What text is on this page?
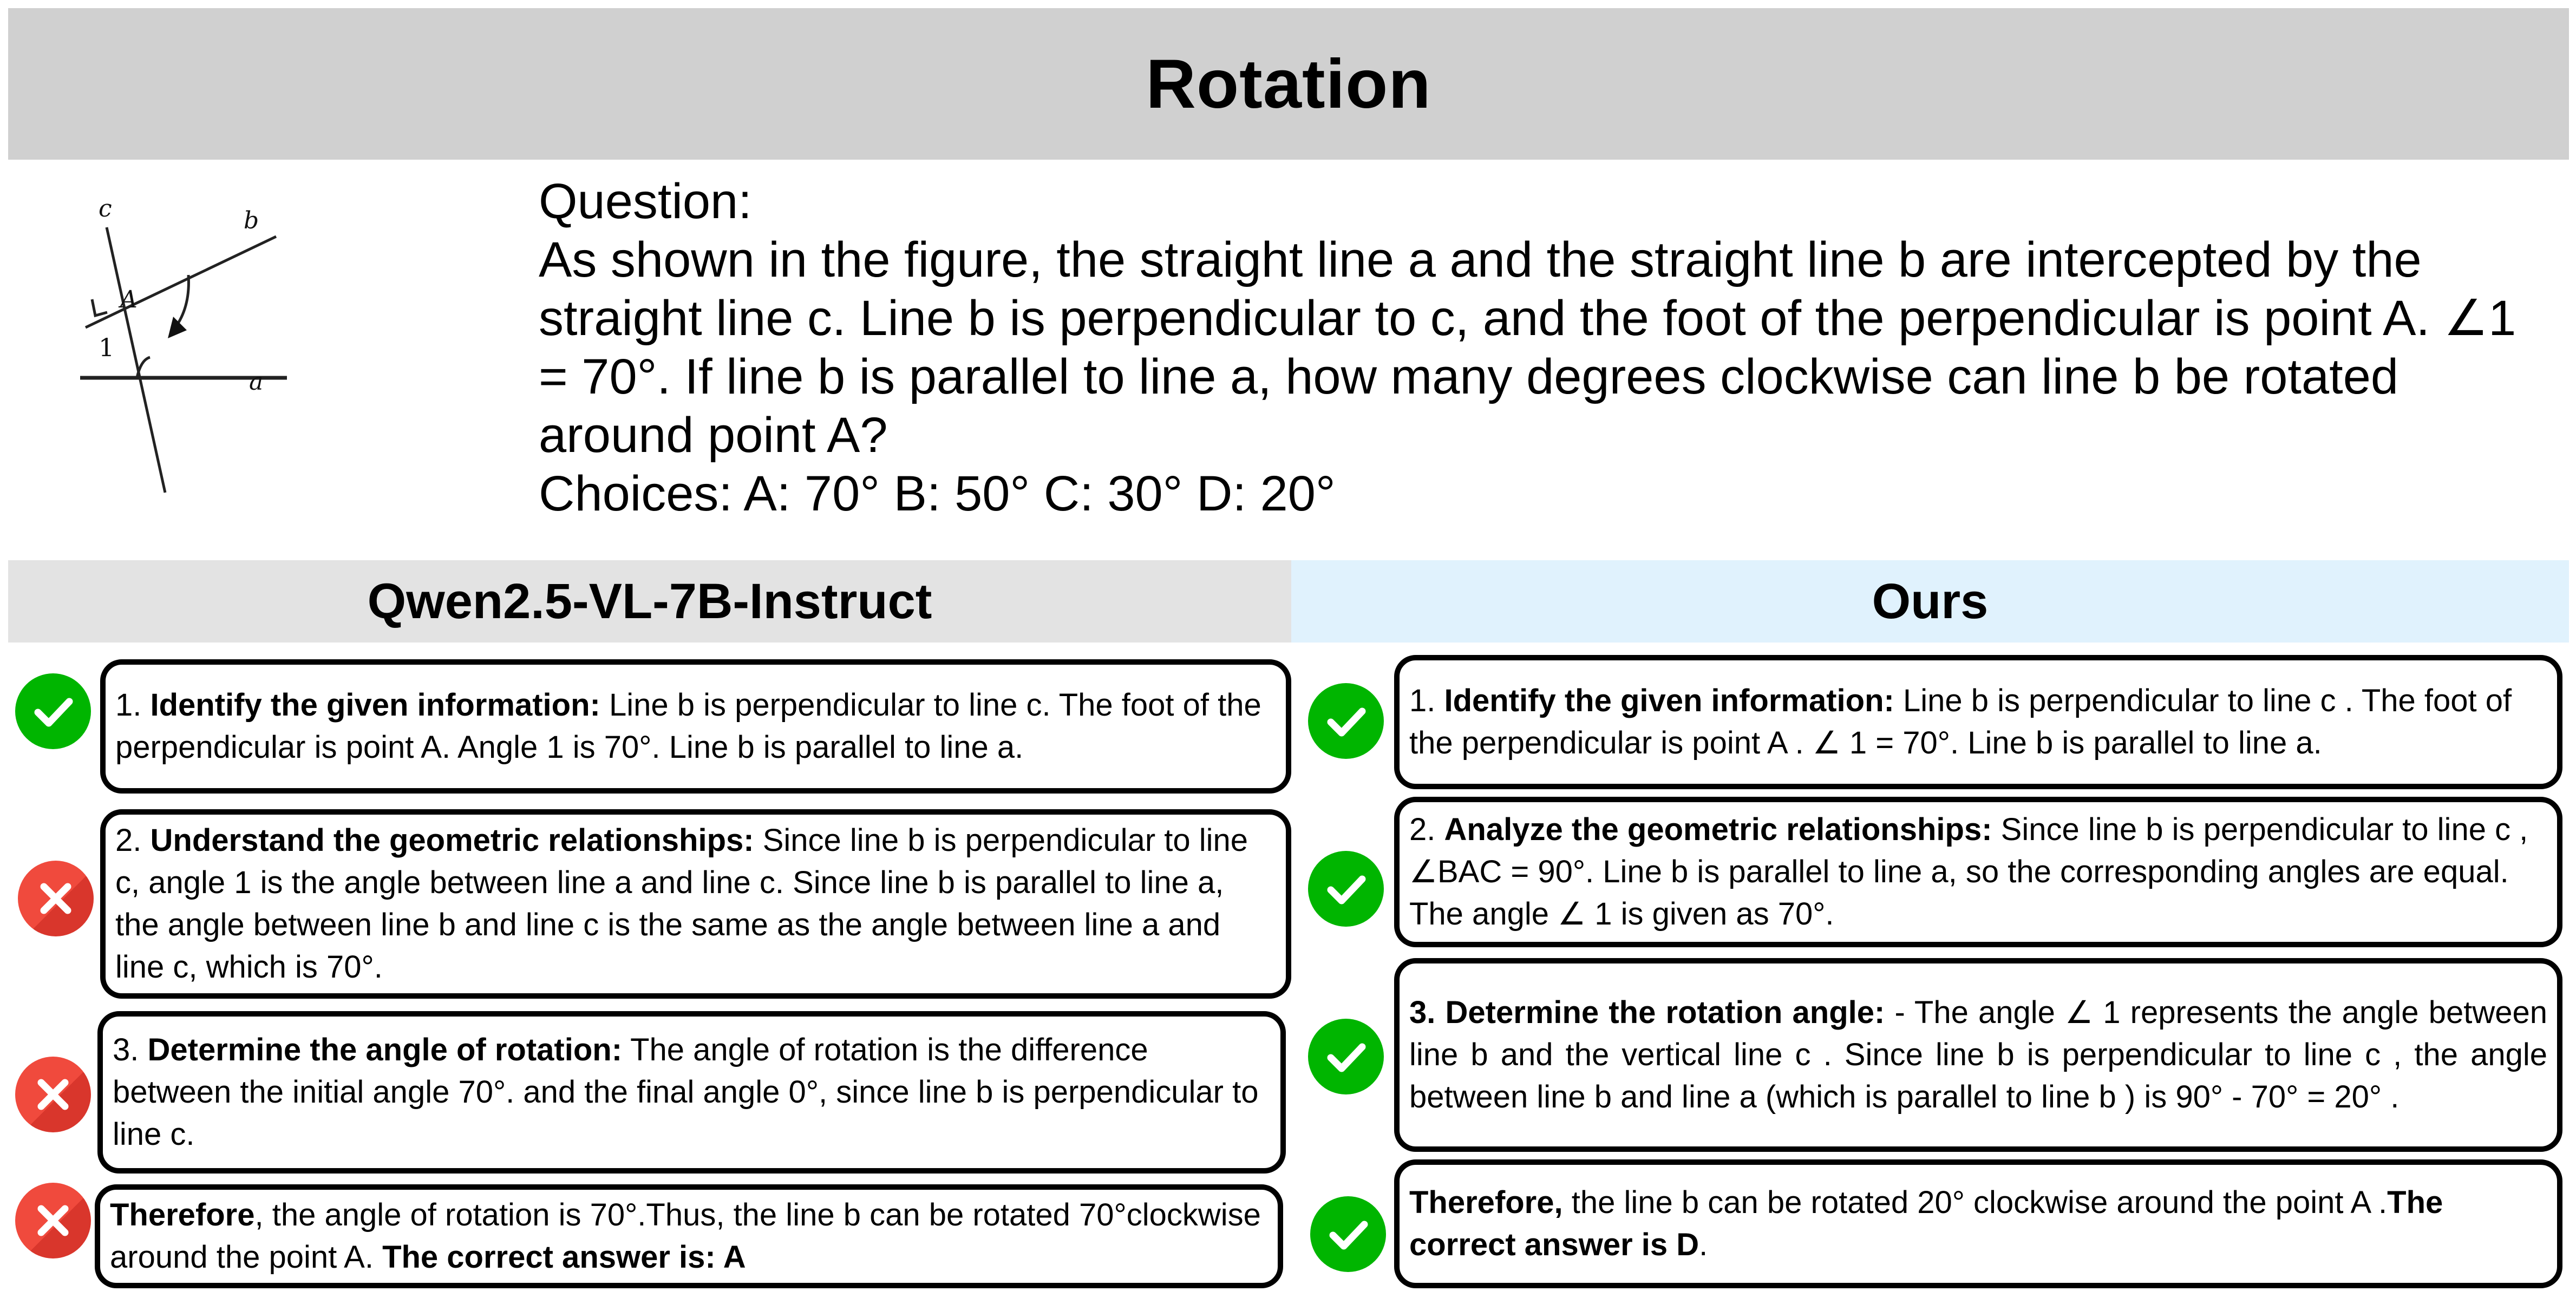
Rotation
c	b
a
A
1
Question:
As shown in the figure, the straight line a and the straight line b are intercepted by the straight line c. Line b is perpendicular to c, and the foot of the perpendicular is point A. ∠1 = 70°. If line b is parallel to line a, how many degrees clockwise can line b be rotated around point A?
Choices: A: 70° B: 50° C: 30° D: 20°
Qwen2.5-VL-7B-Instruct	Ours
1. Identify the given information: Line b is perpendicular to line c. The foot of the perpendicular is point A. Angle 1 is 70°. Line b is parallel to line a.
2. Understand the geometric relationships: Since line b is perpendicular to line c, angle 1 is the angle between line a and line c. Since line b is parallel to line a, the angle between line b and line c is the same as the angle between line a and line c, which is 70°.
3. Determine the angle of rotation: The angle of rotation is the difference between the initial angle 70°. and the final angle 0°, since line b is perpendicular to line c.
Therefore, the angle of rotation is 70°.Thus, the line b can be rotated 70°clockwise around the point A. The correct answer is: A
1. Identify the given information: Line b is perpendicular to line c . The foot of the perpendicular is point A . ∠ 1 = 70°. Line b is parallel to line a.
2. Analyze the geometric relationships: Since line b is perpendicular to line c , ∠BAC = 90°. Line b is parallel to line a, so the corresponding angles are equal. The angle ∠ 1 is given as 70°.
3. Determine the rotation angle: - The angle ∠ 1 represents the angle between line b and the vertical line c . Since line b is perpendicular to line c , the angle between line b and line a (which is parallel to line b ) is 90° - 70° = 20° .
Therefore, the line b can be rotated 20° clockwise around the point A .The correct answer is D.
